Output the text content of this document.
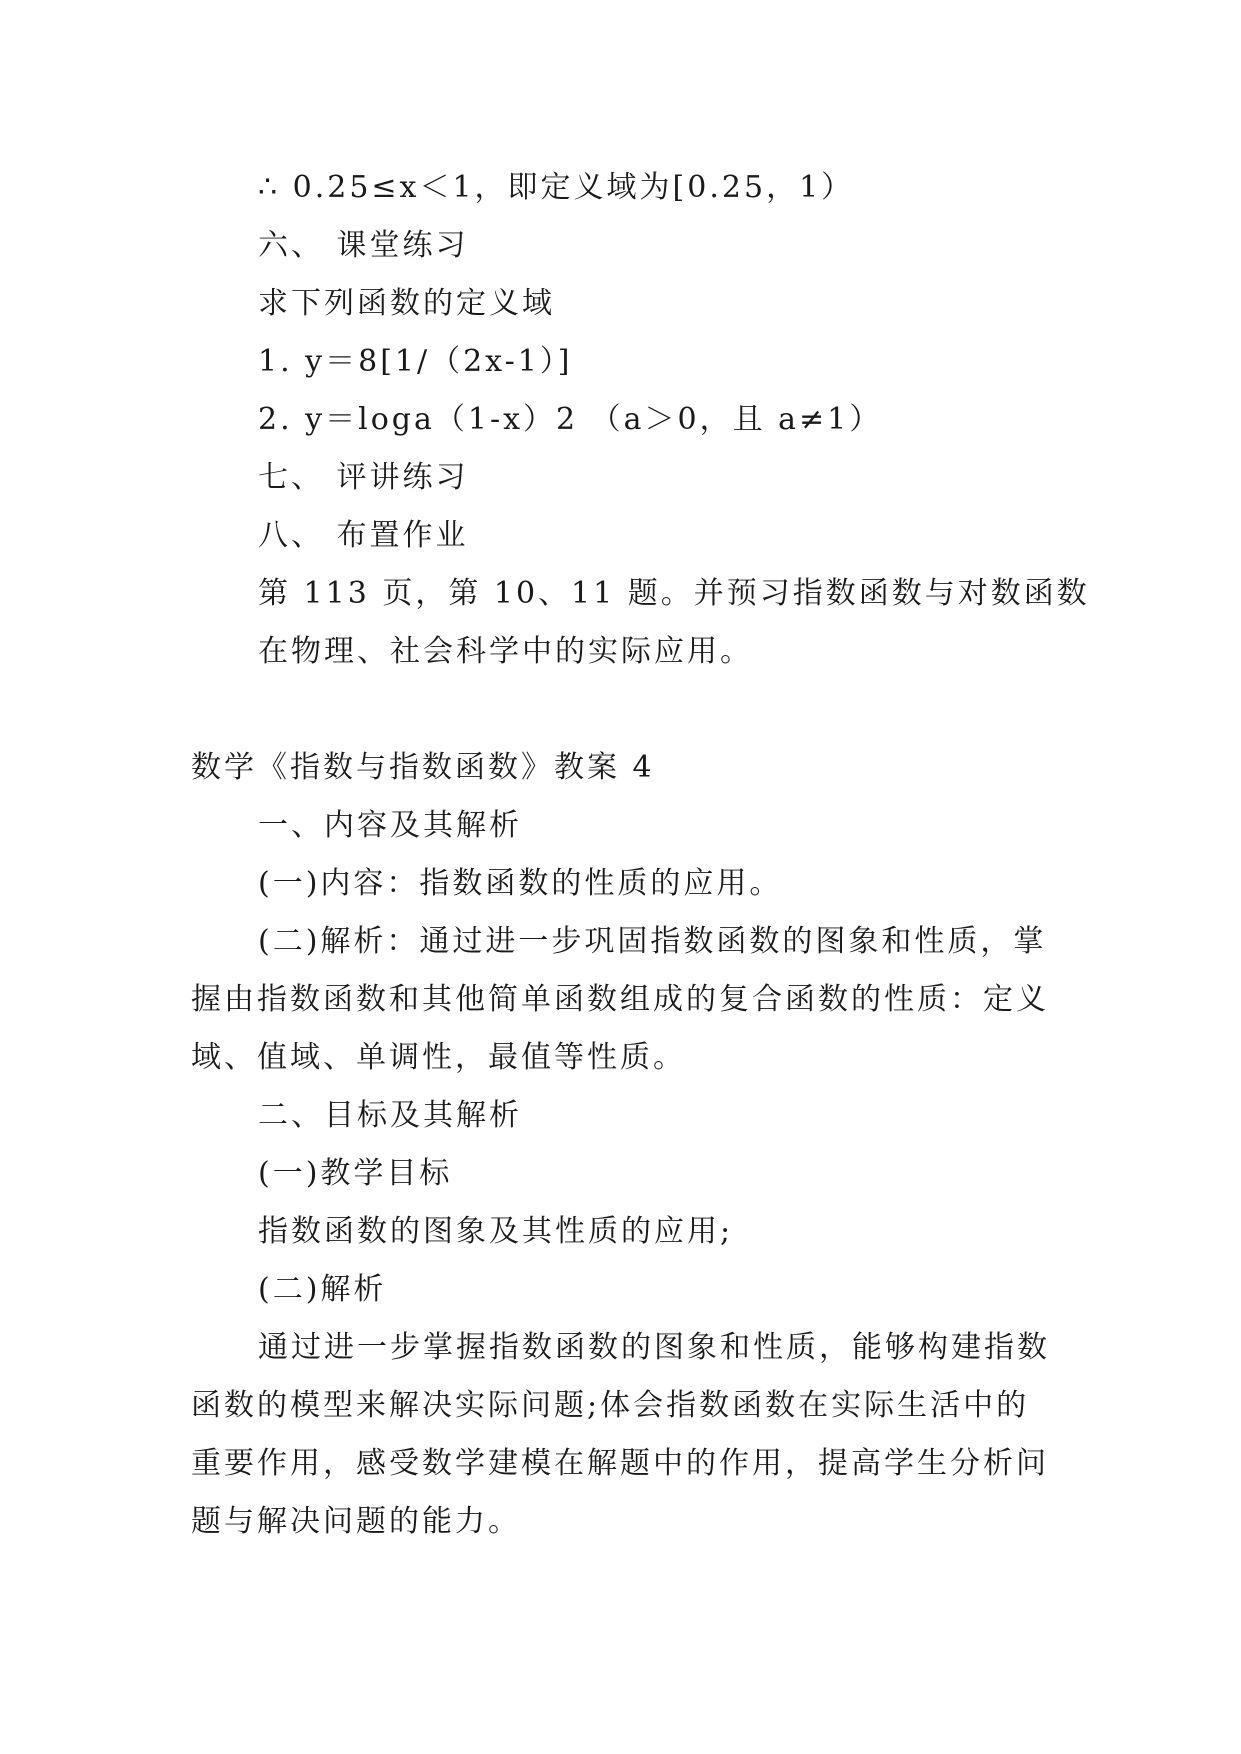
∴ 0.25≤x＜1，即定义域为[0.25，1）
六、 课堂练习
求下列函数的定义域
1. y＝8[1/（2x-1）]
2. y＝loga（1-x）2 （a＞0，且 a≠1）
七、 评讲练习
八、 布置作业
第 113 页，第 10、11 题。并预习指数函数与对数函数
在物理、社会科学中的实际应用。
数学《指数与指数函数》教案 4
一、内容及其解析
(一)内容：指数函数的性质的应用。
(二)解析：通过进一步巩固指数函数的图象和性质，掌
握由指数函数和其他简单函数组成的复合函数的性质：定义
域、值域、单调性，最值等性质。
二、目标及其解析
(一)教学目标
指数函数的图象及其性质的应用;
(二)解析
通过进一步掌握指数函数的图象和性质，能够构建指数
函数的模型来解决实际问题;体会指数函数在实际生活中的
重要作用，感受数学建模在解题中的作用，提高学生分析问
题与解决问题的能力。
